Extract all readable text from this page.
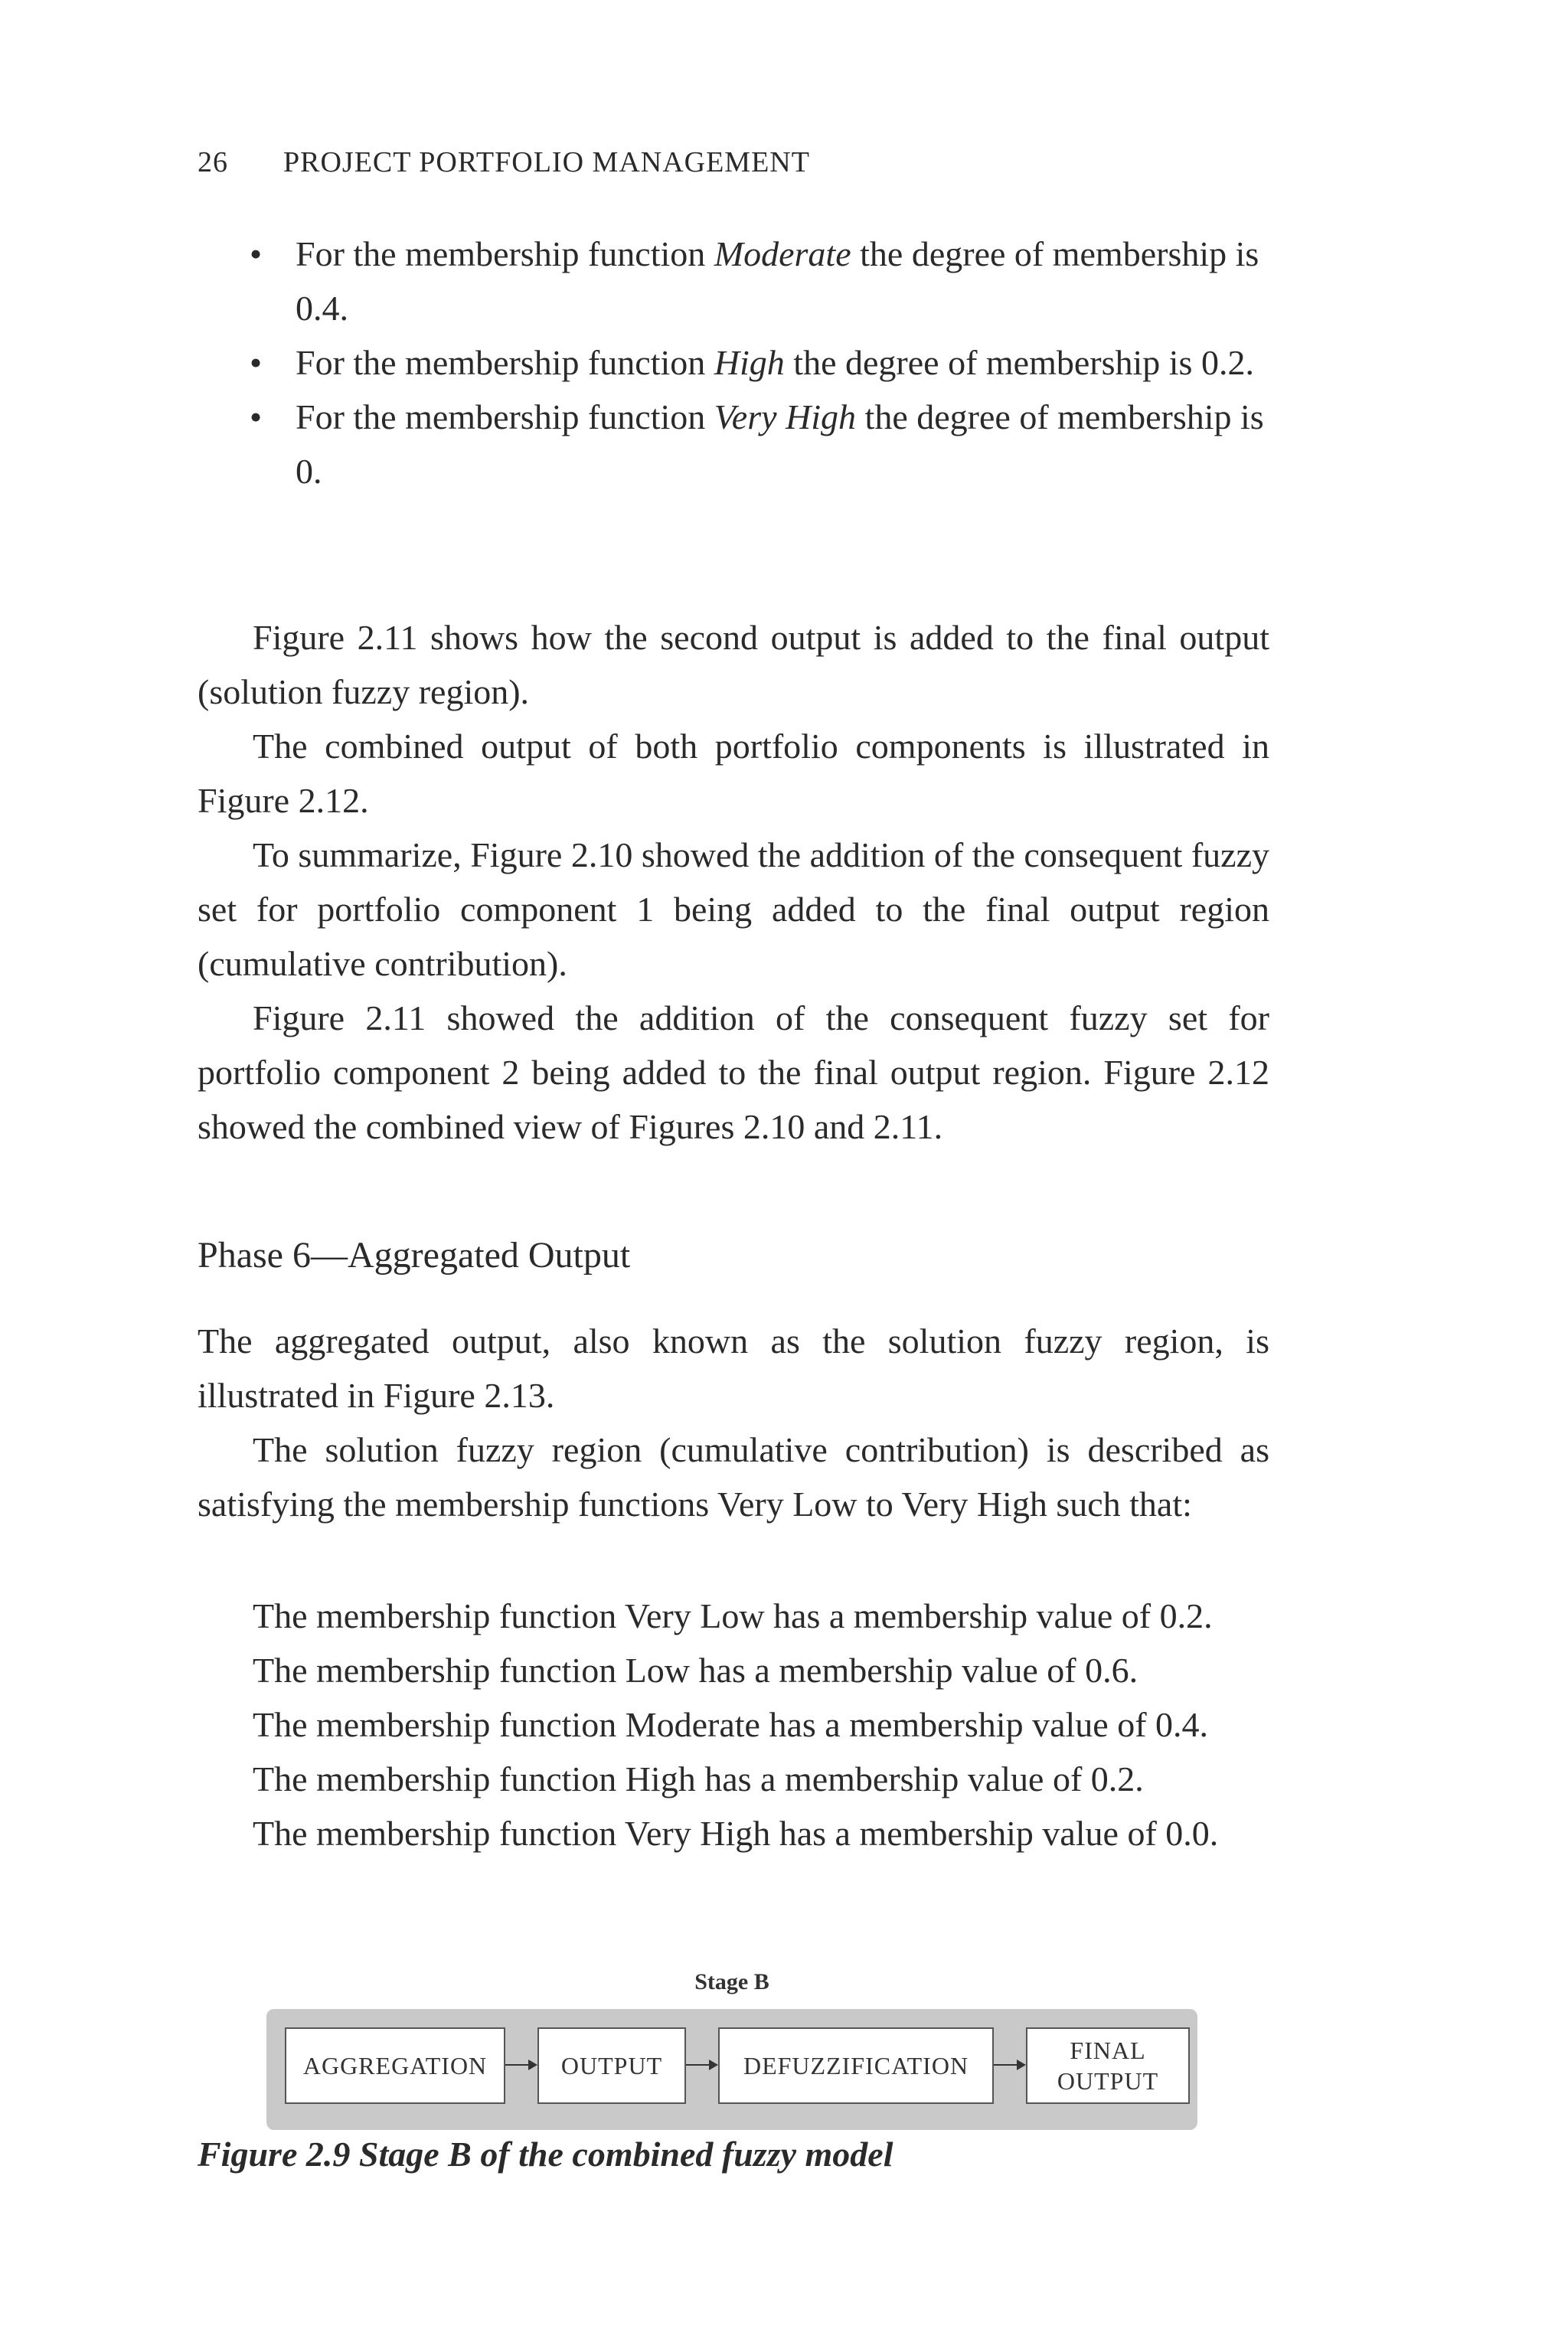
26 PROJECT PORTFOLIO MANAGEMENT
• For the membership function Moderate the degree of membership is 0.4.
• For the membership function High the degree of membership is 0.2.
• For the membership function Very High the degree of membership is 0.

Figure 2.11 shows how the second output is added to the final output (solution fuzzy region).

The combined output of both portfolio components is illustrated in Figure 2.12.

To summarize, Figure 2.10 showed the addition of the consequent fuzzy set for portfolio component 1 being added to the final output region (cumulative contribution).

Figure 2.11 showed the addition of the consequent fuzzy set for portfolio component 2 being added to the final output region. Figure 2.12 showed the combined view of Figures 2.10 and 2.11.

Phase 6—Aggregated Output

The aggregated output, also known as the solution fuzzy region, is illustrated in Figure 2.13.

The solution fuzzy region (cumulative contribution) is described as satisfying the membership functions Very Low to Very High such that:

The membership function Very Low has a membership value of 0.2.
The membership function Low has a membership value of 0.6.
The membership function Moderate has a membership value of 0.4.
The membership function High has a membership value of 0.2.
The membership function Very High has a membership value of 0.0.
Stage B
AGGREGATION	OUTPUT	DEFUZZIFICATION
FINAL OUTPUT
Figure 2.9 Stage B of the combined fuzzy model
